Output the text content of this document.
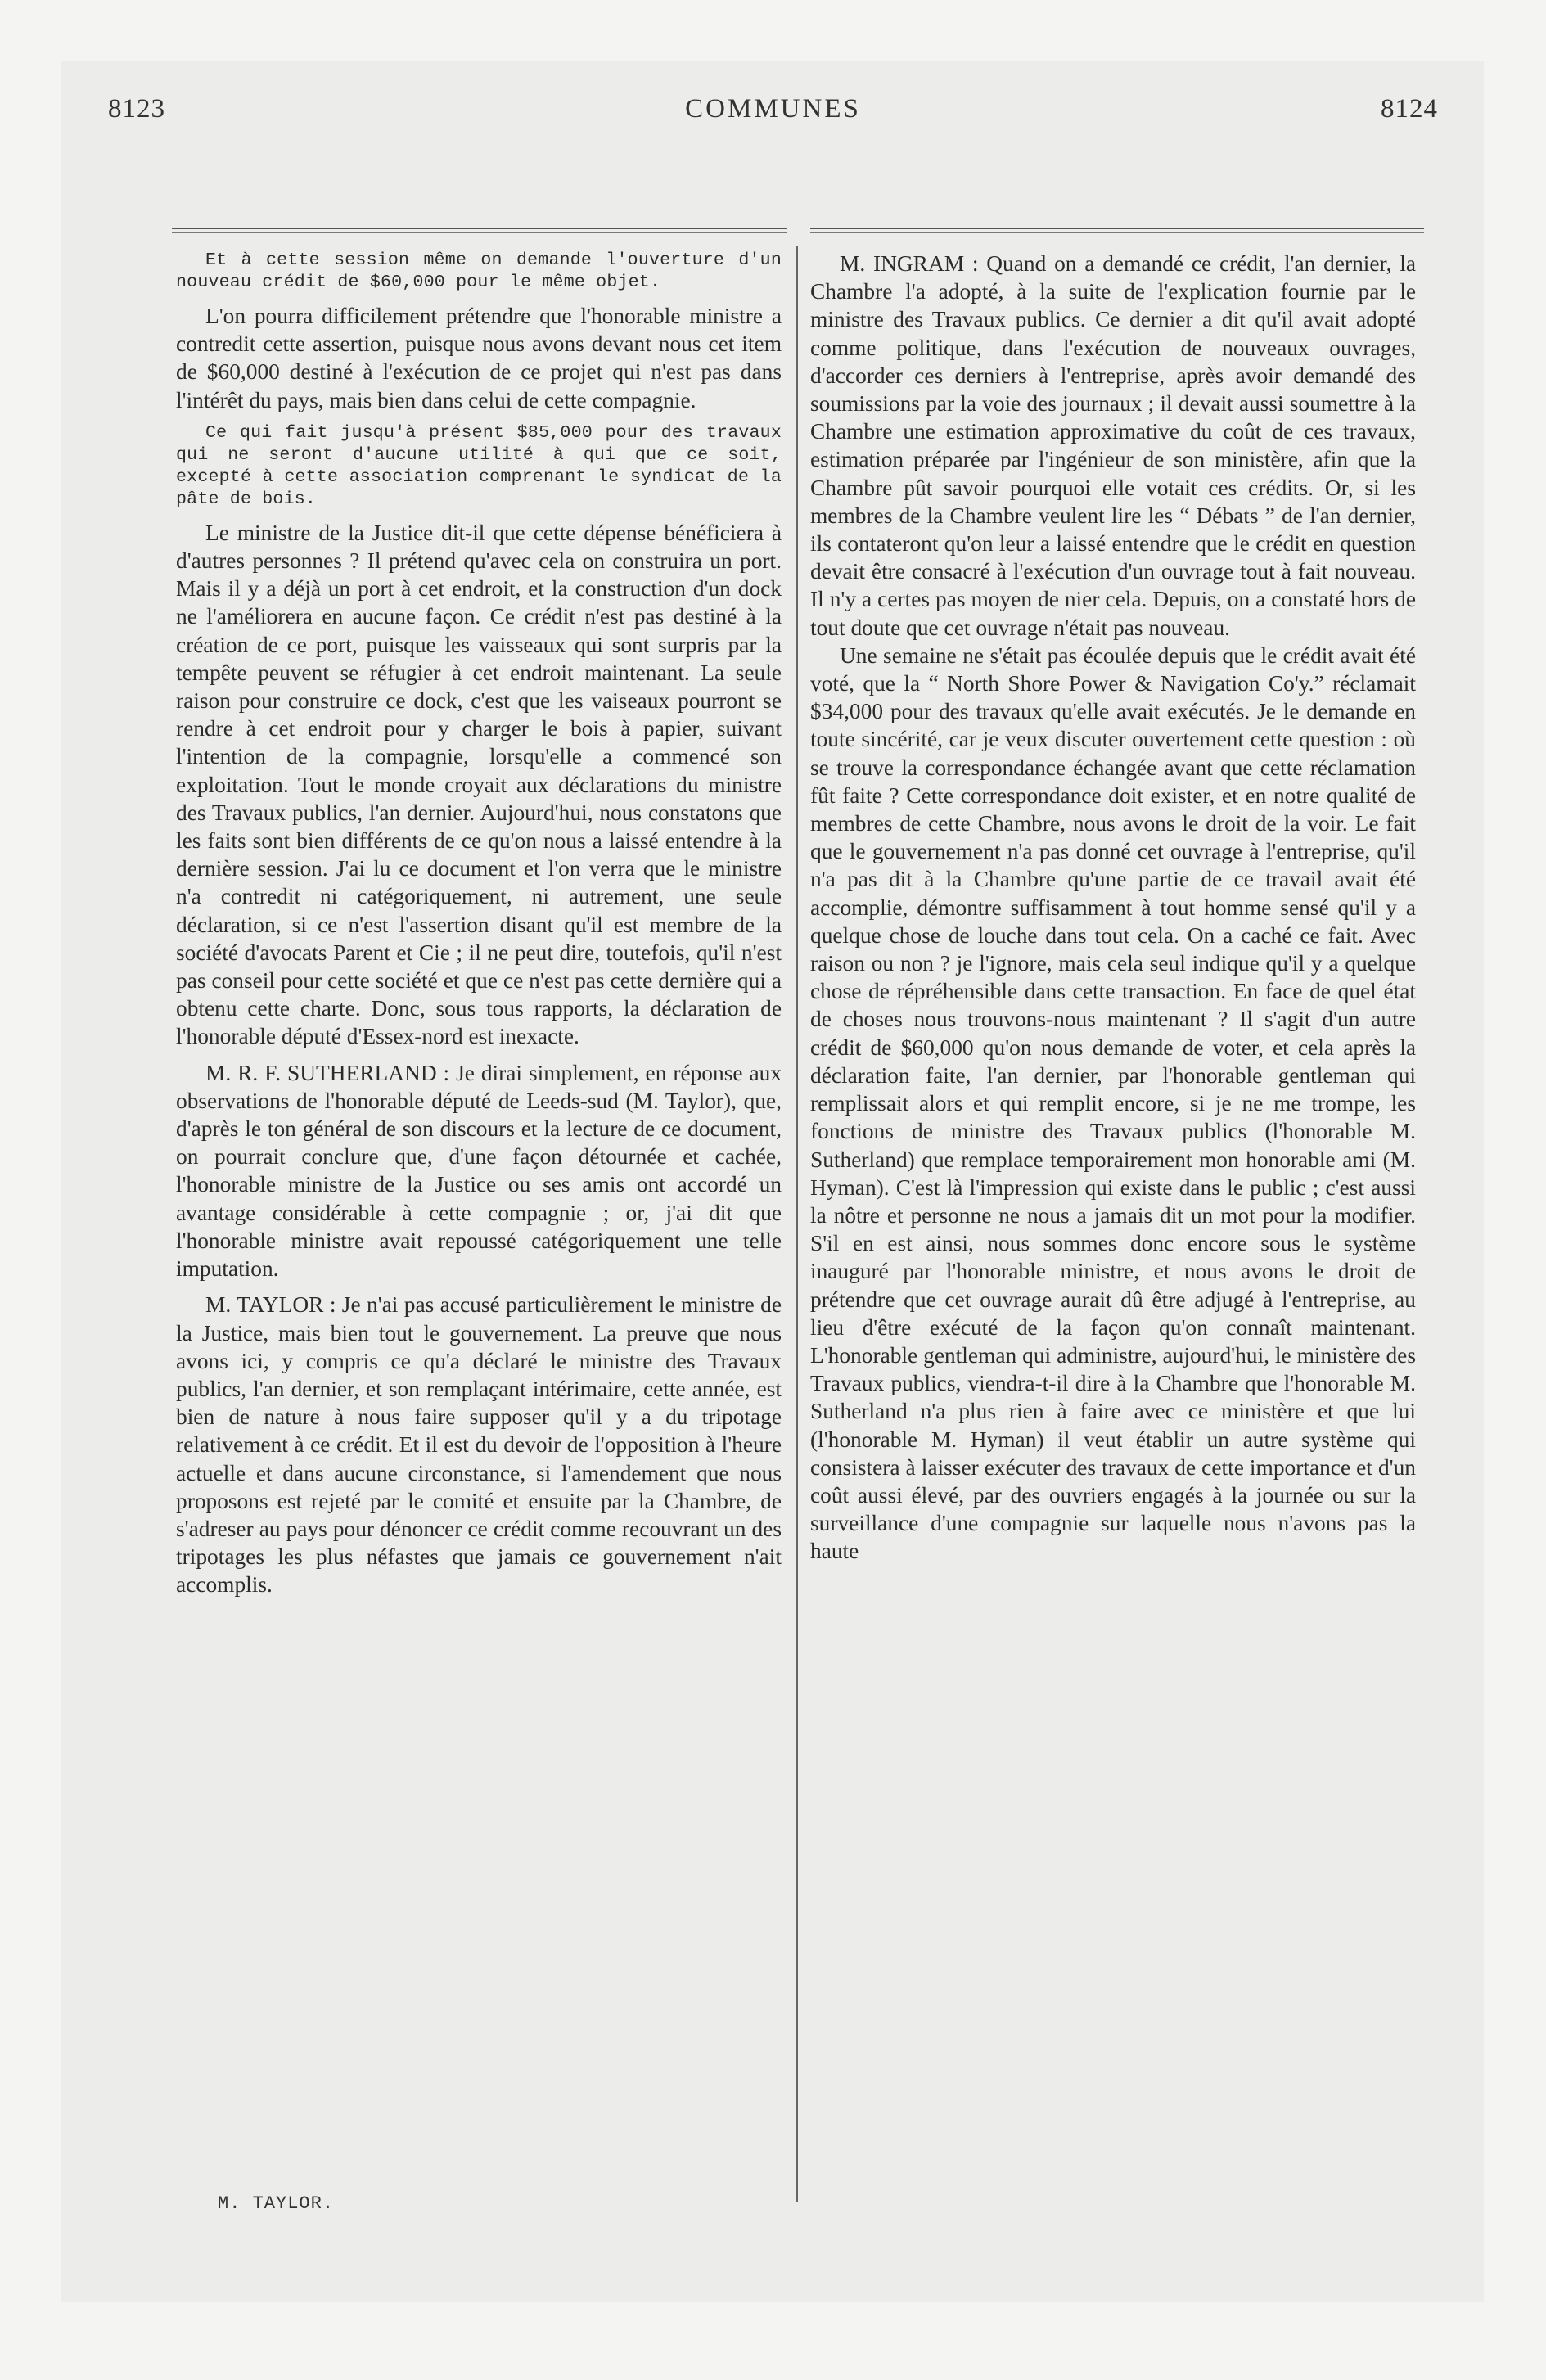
8123	COMMUNES	8124

Et à cette session même on demande l'ouverture d'un nouveau crédit de $60,000 pour le même objet.

L'on pourra difficilement prétendre que l'honorable ministre a contredit cette assertion, puisque nous avons devant nous cet item de $60,000 destiné à l'exécution de ce projet qui n'est pas dans l'intérêt du pays, mais bien dans celui de cette compagnie.

Ce qui fait jusqu'à présent $85,000 pour des travaux qui ne seront d'aucune utilité à qui que ce soit, excepté à cette association comprenant le syndicat de la pâte de bois.

Le ministre de la Justice dit-il que cette dépense bénéficiera à d'autres personnes ? Il prétend qu'avec cela on construira un port. Mais il y a déjà un port à cet endroit, et la construction d'un dock ne l'améliorera en aucune façon. Ce crédit n'est pas destiné à la création de ce port, puisque les vaisseaux qui sont surpris par la tempête peuvent se réfugier à cet endroit maintenant. La seule raison pour construire ce dock, c'est que les vaiseaux pourront se rendre à cet endroit pour y charger le bois à papier, suivant l'intention de la compagnie, lorsqu'elle a commencé son exploitation. Tout le monde croyait aux déclarations du ministre des Travaux publics, l'an dernier. Aujourd'hui, nous constatons que les faits sont bien différents de ce qu'on nous a laissé entendre à la dernière session. J'ai lu ce document et l'on verra que le ministre n'a contredit ni catégoriquement, ni autrement, une seule déclaration, si ce n'est l'assertion disant qu'il est membre de la société d'avocats Parent et Cie ; il ne peut dire, toutefois, qu'il n'est pas conseil pour cette société et que ce n'est pas cette dernière qui a obtenu cette charte. Donc, sous tous rapports, la déclaration de l'honorable député d'Essex-nord est inexacte.

M. R. F. SUTHERLAND : Je dirai simplement, en réponse aux observations de l'honorable député de Leeds-sud (M. Taylor), que, d'après le ton général de son discours et la lecture de ce document, on pourrait conclure que, d'une façon détournée et cachée, l'honorable ministre de la Justice ou ses amis ont accordé un avantage considérable à cette compagnie ; or, j'ai dit que l'honorable ministre avait repoussé catégoriquement une telle imputation.

M. TAYLOR : Je n'ai pas accusé particulièrement le ministre de la Justice, mais bien tout le gouvernement. La preuve que nous avons ici, y compris ce qu'a déclaré le ministre des Travaux publics, l'an dernier, et son remplaçant intérimaire, cette année, est bien de nature à nous faire supposer qu'il y a du tripotage relativement à ce crédit. Et il est du devoir de l'opposition à l'heure actuelle et dans aucune circonstance, si l'amendement que nous proposons est rejeté par le comité et ensuite par la Chambre, de s'adreser au pays pour dénoncer ce crédit comme recouvrant un des tripotages les plus néfastes que jamais ce gouvernement n'ait accomplis.

M. INGRAM : Quand on a demandé ce crédit, l'an dernier, la Chambre l'a adopté, à la suite de l'explication fournie par le ministre des Travaux publics. Ce dernier a dit qu'il avait adopté comme politique, dans l'exécution de nouveaux ouvrages, d'accorder ces derniers à l'entreprise, après avoir demandé des soumissions par la voie des journaux ; il devait aussi soumettre à la Chambre une estimation approximative du coût de ces travaux, estimation préparée par l'ingénieur de son ministère, afin que la Chambre pût savoir pourquoi elle votait ces crédits. Or, si les membres de la Chambre veulent lire les “ Débats ” de l'an dernier, ils contateront qu'on leur a laissé entendre que le crédit en question devait être consacré à l'exécution d'un ouvrage tout à fait nouveau. Il n'y a certes pas moyen de nier cela. Depuis, on a constaté hors de tout doute que cet ouvrage n'était pas nouveau.

Une semaine ne s'était pas écoulée depuis que le crédit avait été voté, que la “ North Shore Power & Navigation Co'y.” réclamait $34,000 pour des travaux qu'elle avait exécutés. Je le demande en toute sincérité, car je veux discuter ouvertement cette question : où se trouve la correspondance échangée avant que cette réclamation fût faite ? Cette correspondance doit exister, et en notre qualité de membres de cette Chambre, nous avons le droit de la voir. Le fait que le gouvernement n'a pas donné cet ouvrage à l'entreprise, qu'il n'a pas dit à la Chambre qu'une partie de ce travail avait été accomplie, démontre suffisamment à tout homme sensé qu'il y a quelque chose de louche dans tout cela. On a caché ce fait. Avec raison ou non ? je l'ignore, mais cela seul indique qu'il y a quelque chose de répréhensible dans cette transaction. En face de quel état de choses nous trouvons-nous maintenant ? Il s'agit d'un autre crédit de $60,000 qu'on nous demande de voter, et cela après la déclaration faite, l'an dernier, par l'honorable gentleman qui remplissait alors et qui remplit encore, si je ne me trompe, les fonctions de ministre des Travaux publics (l'honorable M. Sutherland) que remplace temporairement mon honorable ami (M. Hyman). C'est là l'impression qui existe dans le public ; c'est aussi la nôtre et personne ne nous a jamais dit un mot pour la modifier. S'il en est ainsi, nous sommes donc encore sous le système inauguré par l'honorable ministre, et nous avons le droit de prétendre que cet ouvrage aurait dû être adjugé à l'entreprise, au lieu d'être exécuté de la façon qu'on connaît maintenant. L'honorable gentleman qui administre, aujourd'hui, le ministère des Travaux publics, viendra-t-il dire à la Chambre que l'honorable M. Sutherland n'a plus rien à faire avec ce ministère et que lui (l'honorable M. Hyman) il veut établir un autre système qui consistera à laisser exécuter des travaux de cette importance et d'un coût aussi élevé, par des ouvriers engagés à la journée ou sur la surveillance d'une compagnie sur laquelle nous n'avons pas la haute

M. TAYLOR.
